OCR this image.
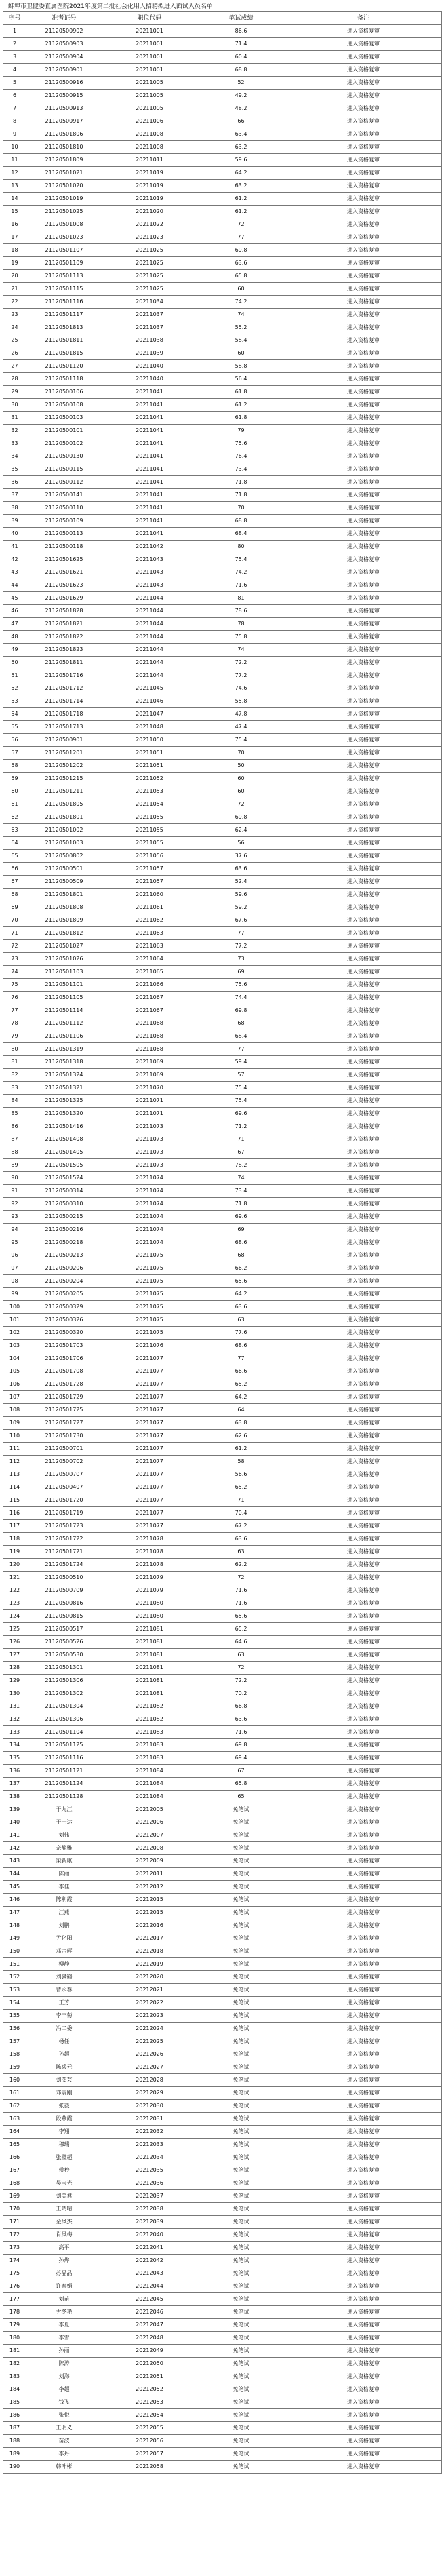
蚌埠市卫健委直属医院2021年度第二批社会化用人招聘拟进入面试人员名单
序号	准考证号	职位代码	笔试成绩	备注
1	21120500902	20211001	86.6	进入资格复审
2	21120500903	20211001	71.4	进入资格复审
3	21120500904	20211001	60.4	进入资格复审
4	21120500901	20211001	68.8	进入资格复审
5	21120500916	20211005	52	进入资格复审
6	21120500915	20211005	49.2	进入资格复审
7	21120500913	20211005	48.2	进入资格复审
8	21120500917	20211006	66	进入资格复审
9	21120501806	20211008	63.4	进入资格复审
10	21120501810	20211008	63.2	进入资格复审
11	21120501809	20211011	59.6	进入资格复审
12	21120501021	20211019	64.2	进入资格复审
13	21120501020	20211019	63.2	进入资格复审
14	21120501019	20211019	61.2	进入资格复审
15	21120501025	20211020	61.2	进入资格复审
16	21120501008	20211022	72	进入资格复审
17	21120501023	20211023	77	进入资格复审
18	21120501107	20211025	69.8	进入资格复审
19	21120501109	20211025	63.6	进入资格复审
20	21120501113	20211025	65.8	进入资格复审
21	21120501115	20211025	60	进入资格复审
22	21120501116	20211034	74.2	进入资格复审
23	21120501117	20211037	74	进入资格复审
24	21120501813	20211037	55.2	进入资格复审
25	21120501811	20211038	58.4	进入资格复审
26	21120501815	20211039	60	进入资格复审
27	21120501120	20211040	58.8	进入资格复审
28	21120501118	20211040	56.4	进入资格复审
29	21120500106	20211041	61.8	进入资格复审
30	21120500108	20211041	61.2	进入资格复审
31	21120500103	20211041	61.8	进入资格复审
32	21120500101	20211041	79	进入资格复审
33	21120500102	20211041	75.6	进入资格复审
34	21120500130	20211041	76.4	进入资格复审
35	21120500115	20211041	73.4	进入资格复审
36	21120500112	20211041	71.8	进入资格复审
37	21120500141	20211041	71.8	进入资格复审
38	21120500110	20211041	70	进入资格复审
39	21120500109	20211041	68.8	进入资格复审
40	21120500113	20211041	68.4	进入资格复审
41	21120500118	20211042	80	进入资格复审
42	21120501625	20211043	75.4	进入资格复审
43	21120501621	20211043	74.2	进入资格复审
44	21120501623	20211043	71.6	进入资格复审
45	21120501629	20211044	81	进入资格复审
46	21120501828	20211044	78.6	进入资格复审
47	21120501821	20211044	78	进入资格复审
48	21120501822	20211044	75.8	进入资格复审
49	21120501823	20211044	74	进入资格复审
50	21120501811	20211044	72.2	进入资格复审
51	21120501716	20211044	77.2	进入资格复审
52	21120501712	20211045	74.6	进入资格复审
53	21120501714	20211046	55.8	进入资格复审
54	21120501718	20211047	47.8	进入资格复审
55	21120501713	20211048	47.4	进入资格复审
56	21120500901	20211050	75.4	进入资格复审
57	21120501201	20211051	70	进入资格复审
58	21120501202	20211051	50	进入资格复审
59	21120501215	20211052	60	进入资格复审
60	21120501211	20211053	60	进入资格复审
61	21120501805	20211054	72	进入资格复审
62	21120501801	20211055	69.8	进入资格复审
63	21120501002	20211055	62.4	进入资格复审
64	21120501003	20211055	56	进入资格复审
65	21120500802	20211056	37.6	进入资格复审
66	21120500501	20211057	63.6	进入资格复审
67	21120500509	20211057	52.4	进入资格复审
68	21120501801	20211060	59.6	进入资格复审
69	21120501808	20211061	59.2	进入资格复审
70	21120501809	20211062	67.6	进入资格复审
71	21120501812	20211063	77	进入资格复审
72	21120501027	20211063	77.2	进入资格复审
73	21120501026	20211064	73	进入资格复审
74	21120501103	20211065	69	进入资格复审
75	21120501101	20211066	75.6	进入资格复审
76	21120501105	20211067	74.4	进入资格复审
77	21120501114	20211067	69.8	进入资格复审
78	21120501112	20211068	68	进入资格复审
79	21120501106	20211068	68.4	进入资格复审
80	21120501319	20211068	77	进入资格复审
81	21120501318	20211069	59.4	进入资格复审
82	21120501324	20211069	57	进入资格复审
83	21120501321	20211070	75.4	进入资格复审
84	21120501325	20211071	75.4	进入资格复审
85	21120501320	20211071	69.6	进入资格复审
86	21120501416	20211073	71.2	进入资格复审
87	21120501408	20211073	71	进入资格复审
88	21120501405	20211073	67	进入资格复审
89	21120501505	20211073	78.2	进入资格复审
90	21120501524	20211074	74	进入资格复审
91	21120500314	20211074	73.4	进入资格复审
92	21120500310	20211074	71.8	进入资格复审
93	21120500215	20211074	69.6	进入资格复审
94	21120500216	20211074	69	进入资格复审
95	21120500218	20211074	68.6	进入资格复审
96	21120500213	20211075	68	进入资格复审
97	21120500206	20211075	66.2	进入资格复审
98	21120500204	20211075	65.6	进入资格复审
99	21120500205	20211075	64.2	进入资格复审
100	21120500329	20211075	63.6	进入资格复审
101	21120500326	20211075	63	进入资格复审
102	21120500320	20211075	77.6	进入资格复审
103	21120501703	20211076	68.6	进入资格复审
104	21120501706	20211077	77	进入资格复审
105	21120501708	20211077	66.6	进入资格复审
106	21120501728	20211077	65.2	进入资格复审
107	21120501729	20211077	64.2	进入资格复审
108	21120501725	20211077	64	进入资格复审
109	21120501727	20211077	63.8	进入资格复审
110	21120501730	20211077	62.6	进入资格复审
111	21120500701	20211077	61.2	进入资格复审
112	21120500702	20211077	58	进入资格复审
113	21120500707	20211077	56.6	进入资格复审
114	21120500407	20211077	65.2	进入资格复审
115	21120501720	20211077	71	进入资格复审
116	21120501719	20211077	70.4	进入资格复审
117	21120501723	20211077	67.2	进入资格复审
118	21120501722	20211078	63.6	进入资格复审
119	21120501721	20211078	63	进入资格复审
120	21120501724	20211078	62.2	进入资格复审
121	21120500510	20211079	72	进入资格复审
122	21120500709	20211079	71.6	进入资格复审
123	21120500816	20211080	71.6	进入资格复审
124	21120500815	20211080	65.6	进入资格复审
125	21120500517	20211081	65.2	进入资格复审
126	21120500526	20211081	64.6	进入资格复审
127	21120500530	20211081	63	进入资格复审
128	21120501301	20211081	72	进入资格复审
129	21120501306	20211081	72.2	进入资格复审
130	21120501302	20211081	70.2	进入资格复审
131	21120501304	20211082	66.8	进入资格复审
132	21120501306	20211082	63.6	进入资格复审
133	21120501104	20211083	71.6	进入资格复审
134	21120501125	20211083	69.8	进入资格复审
135	21120501116	20211083	69.4	进入资格复审
136	21120501121	20211084	67	进入资格复审
137	21120501124	20211084	65.8	进入资格复审
138	21120501128	20211084	65	进入资格复审
139	于九江	20212005	免笔试	进入资格复审
140	于士达	20212006	免笔试	进入资格复审
141	刘伟	20212007	免笔试	进入资格复审
142	亲静雅	20212008	免笔试	进入资格复审
143	梁新康	20212009	免笔试	进入资格复审
144	陈丽	20212011	免笔试	进入资格复审
145	李佳	20212012	免笔试	进入资格复审
146	陈利霞	20212015	免笔试	进入资格复审
147	江燕	20212015	免笔试	进入资格复审
148	刘鹏	20212016	免笔试	进入资格复审
149	尹化阳	20212017	免笔试	进入资格复审
150	邓宗辉	20212018	免笔试	进入资格复审
151	柳静	20212019	免笔试	进入资格复审
152	刘骥鹤	20212020	免笔试	进入资格复审
153	曹永春	20212021	免笔试	进入资格复审
154	王芳	20212022	免笔试	进入资格复审
155	李丰菊	20212023	免笔试	进入资格复审
156	冯二委	20212024	免笔试	进入资格复审
157	杨任	20212025	免笔试	进入资格复审
158	孙超	20212026	免笔试	进入资格复审
159	陈兵元	20212027	免笔试	进入资格复审
160	刘艾芸	20212028	免笔试	进入资格复审
161	邓震刚	20212029	免笔试	进入资格复审
162	张毅	20212030	免笔试	进入资格复审
163	段燕霞	20212031	免笔试	进入资格复审
164	李翔	20212032	免笔试	进入资格复审
165	穆瑞	20212033	免笔试	进入资格复审
166	张璧超	20212034	免笔试	进入资格复审
167	侯秒	20212035	免笔试	进入资格复审
168	吴宝光	20212036	免笔试	进入资格复审
169	刘美君	20212037	免笔试	进入资格复审
170	王晴晴	20212038	免笔试	进入资格复审
171	金凤杰	20212039	免笔试	进入资格复审
172	肖凤梅	20212040	免笔试	进入资格复审
173	高平	20212041	免笔试	进入资格复审
174	孙烨	20212042	免笔试	进入资格复审
175	苏晶晶	20212043	免笔试	进入资格复审
176	许春娟	20212044	免笔试	进入资格复审
177	刘苗	20212045	免笔试	进入资格复审
178	尹冬艳	20212046	免笔试	进入资格复审
179	李夏	20212047	免笔试	进入资格复审
180	李雪	20212048	免笔试	进入资格复审
181	孙丽	20212049	免笔试	进入资格复审
182	陈涛	20212050	免笔试	进入资格复审
183	刘海	20212051	免笔试	进入资格复审
184	李超	20212052	免笔试	进入资格复审
185	钱飞	20212053	免笔试	进入资格复审
186	张悦	20212054	免笔试	进入资格复审
187	王明义	20212055	免笔试	进入资格复审
188	苗波	20212056	免笔试	进入资格复审
189	李丹	20212057	免笔试	进入资格复审
190	韩叶彬	20212058	免笔试	进入资格复审
